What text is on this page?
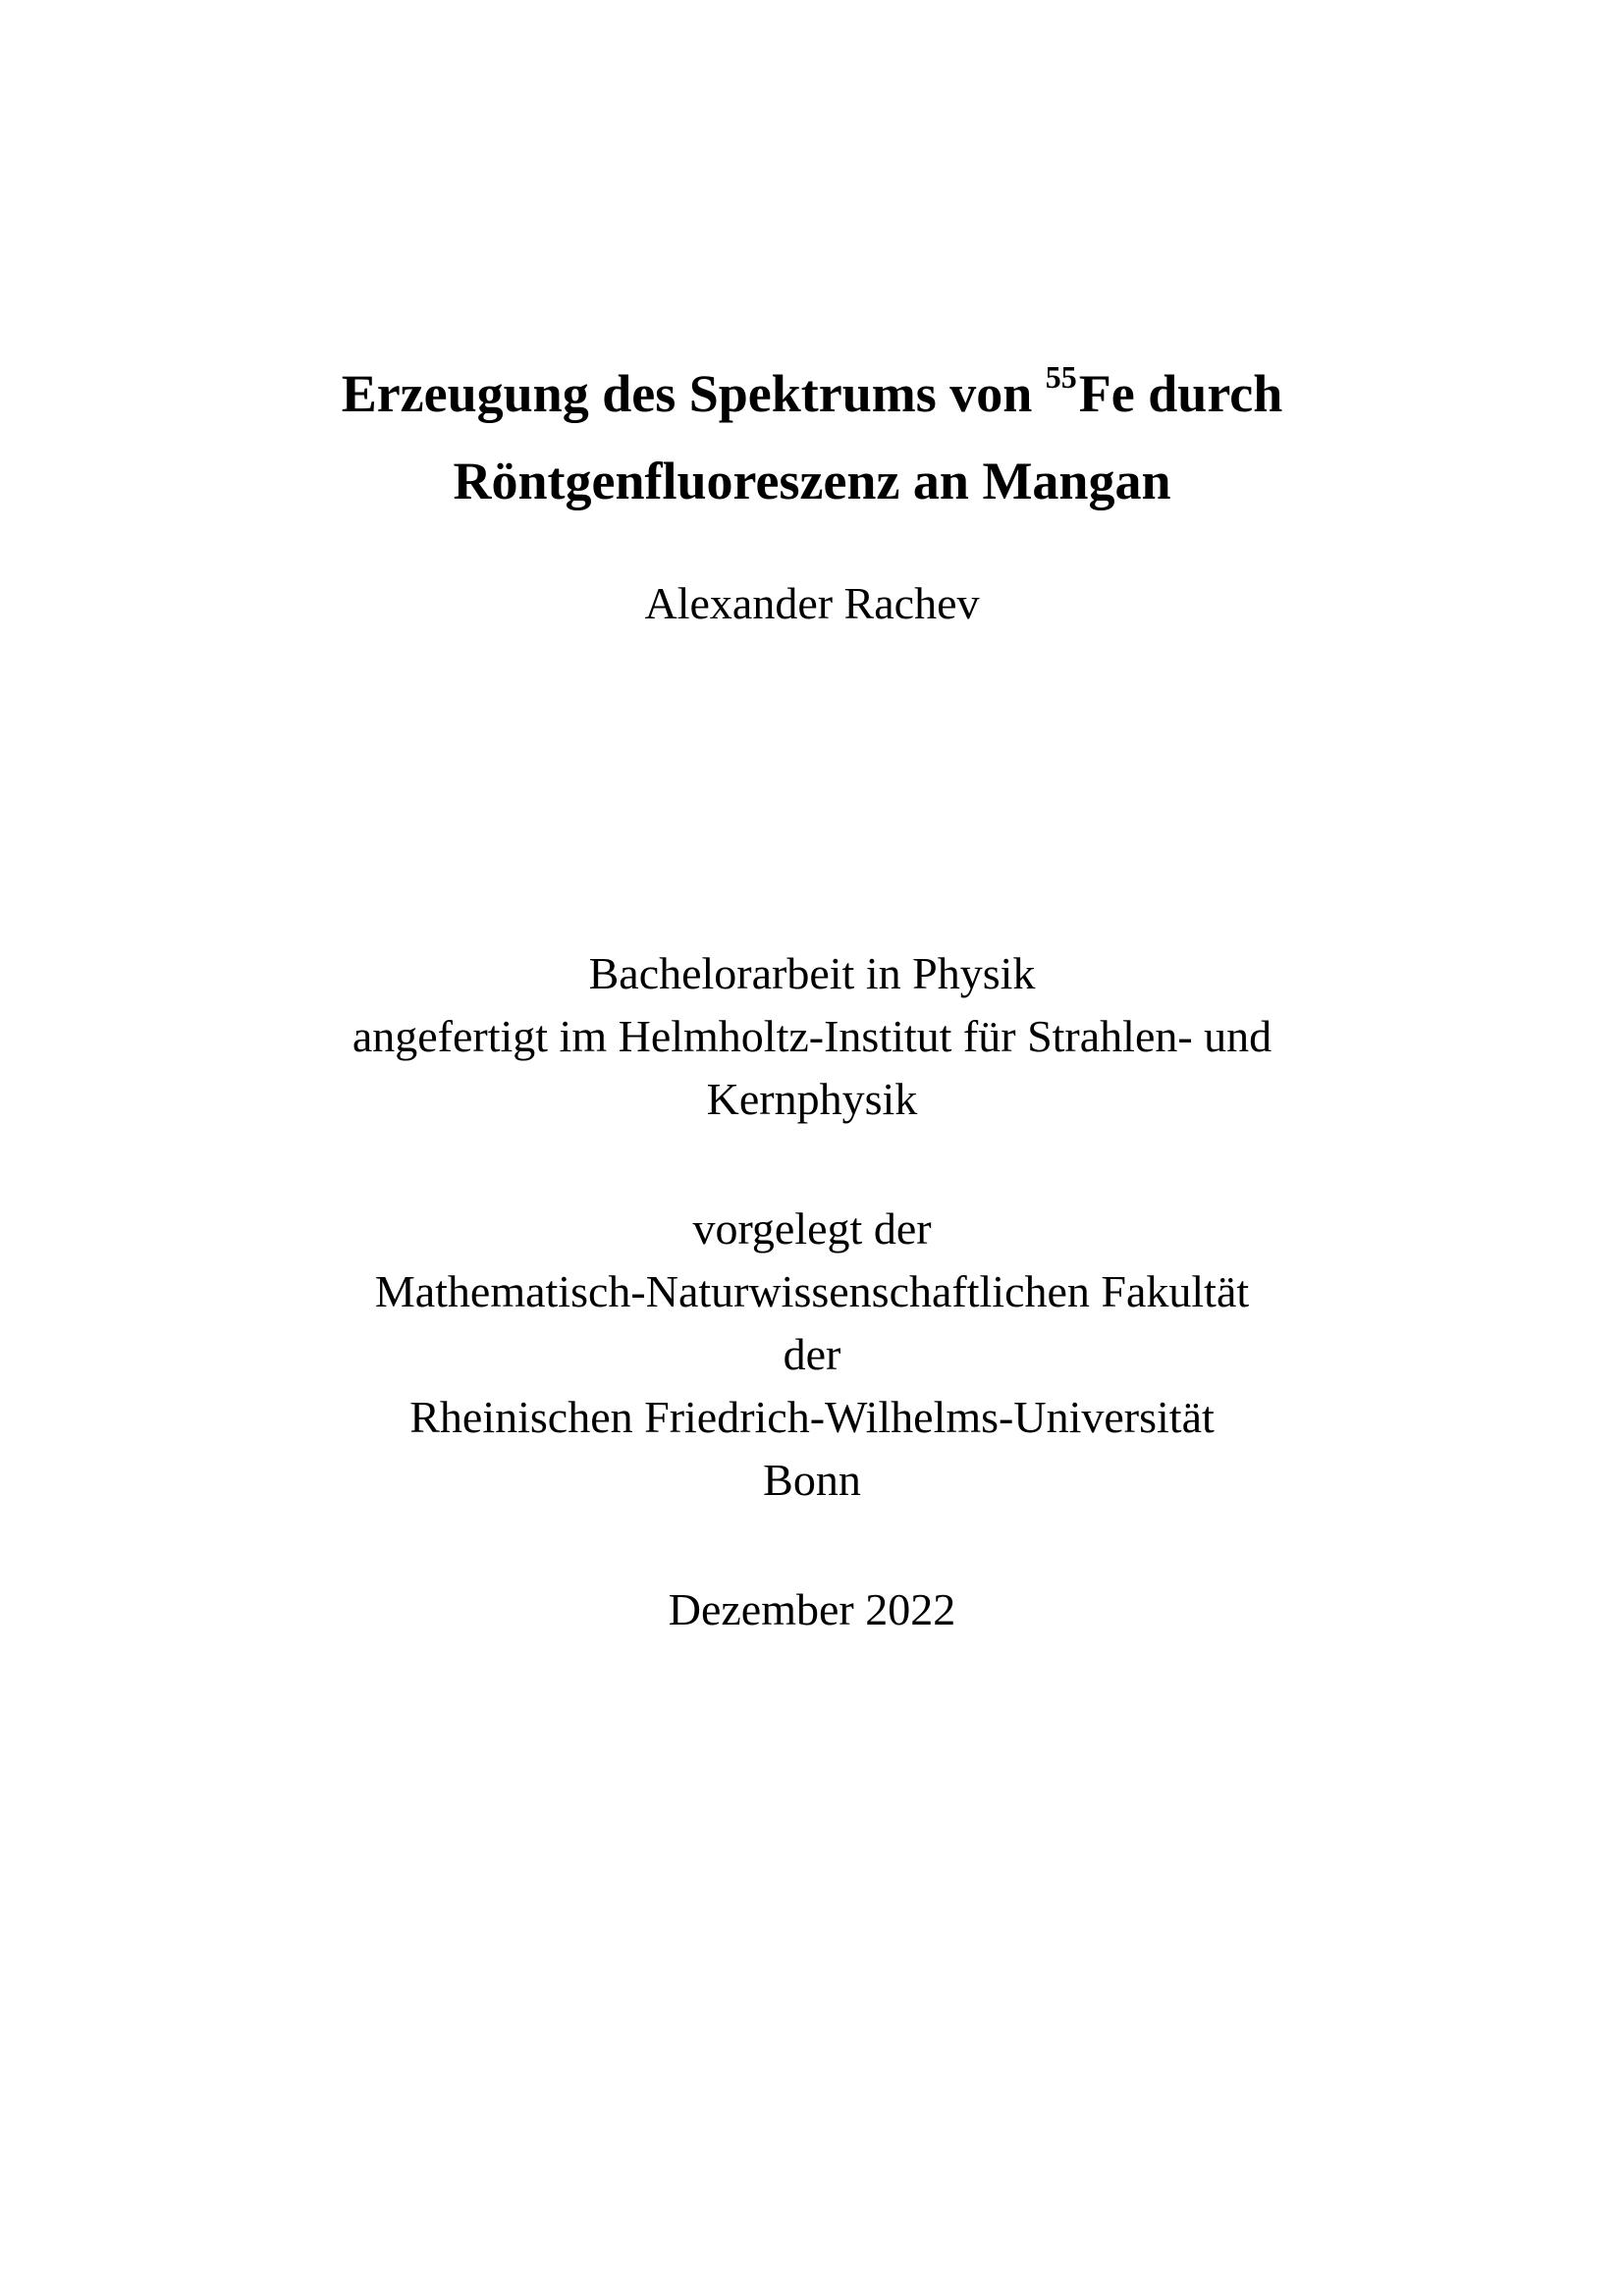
Erzeugung des Spektrums von $^{55}$Fe durch
Röntgenfluoreszenz an Mangan
Alexander Rachev
Bachelorarbeit in Physik
angefertigt im Helmholtz-Institut für Strahlen- und
Kernphysik
vorgelegt der
Mathematisch-Naturwissenschaftlichen Fakultät
der
Rheinischen Friedrich-Wilhelms-Universität
Bonn
Dezember 2022
